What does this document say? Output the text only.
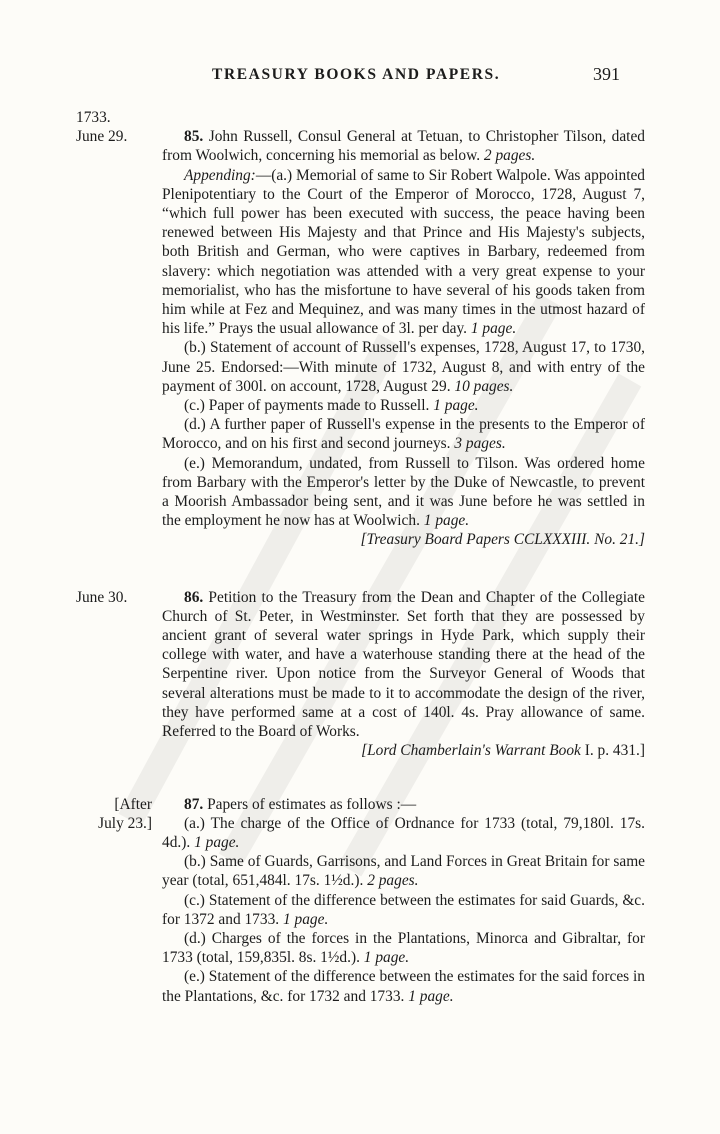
TREASURY BOOKS AND PAPERS.	391
1733.
June 29.	85. John Russell, Consul General at Tetuan, to Christopher Tilson, dated from Woolwich, concerning his memorial as below. 2 pages.

Appending:—(a.) Memorial of same to Sir Robert Walpole. Was appointed Plenipotentiary to the Court of the Emperor of Morocco, 1728, August 7, “which full power has been executed with success, the peace having been renewed between His Majesty and that Prince and His Majesty's subjects, both British and German, who were captives in Barbary, redeemed from slavery: which negotiation was attended with a very great expense to your memorialist, who has the misfortune to have several of his goods taken from him while at Fez and Mequinez, and was many times in the utmost hazard of his life.” Prays the usual allowance of 3l. per day. 1 page.

(b.) Statement of account of Russell's expenses, 1728, August 17, to 1730, June 25. Endorsed:—With minute of 1732, August 8, and with entry of the payment of 300l. on account, 1728, August 29. 10 pages.

(c.) Paper of payments made to Russell. 1 page.

(d.) A further paper of Russell's expense in the presents to the Emperor of Morocco, and on his first and second journeys. 3 pages.

(e.) Memorandum, undated, from Russell to Tilson. Was ordered home from Barbary with the Emperor's letter by the Duke of Newcastle, to prevent a Moorish Ambassador being sent, and it was June before he was settled in the employment he now has at Woolwich. 1 page.

[Treasury Board Papers CCLXXXIII. No. 21.]
June 30.	86. Petition to the Treasury from the Dean and Chapter of the Collegiate Church of St. Peter, in Westminster. Set forth that they are possessed by ancient grant of several water springs in Hyde Park, which supply their college with water, and have a waterhouse standing there at the head of the Serpentine river. Upon notice from the Surveyor General of Woods that several alterations must be made to it to accommodate the design of the river, they have performed same at a cost of 140l. 4s. Pray allowance of same. Referred to the Board of Works.

[Lord Chamberlain's Warrant Book I. p. 431.]
[After
July 23.]

87. Papers of estimates as follows :—

(a.) The charge of the Office of Ordnance for 1733 (total, 79,180l. 17s. 4d.). 1 page.

(b.) Same of Guards, Garrisons, and Land Forces in Great Britain for same year (total, 651,484l. 17s. 1½d.). 2 pages.

(c.) Statement of the difference between the estimates for said Guards, &c. for 1372 and 1733. 1 page.

(d.) Charges of the forces in the Plantations, Minorca and Gibraltar, for 1733 (total, 159,835l. 8s. 1½d.). 1 page.

(e.) Statement of the difference between the estimates for the said forces in the Plantations, &c. for 1732 and 1733. 1 page.
